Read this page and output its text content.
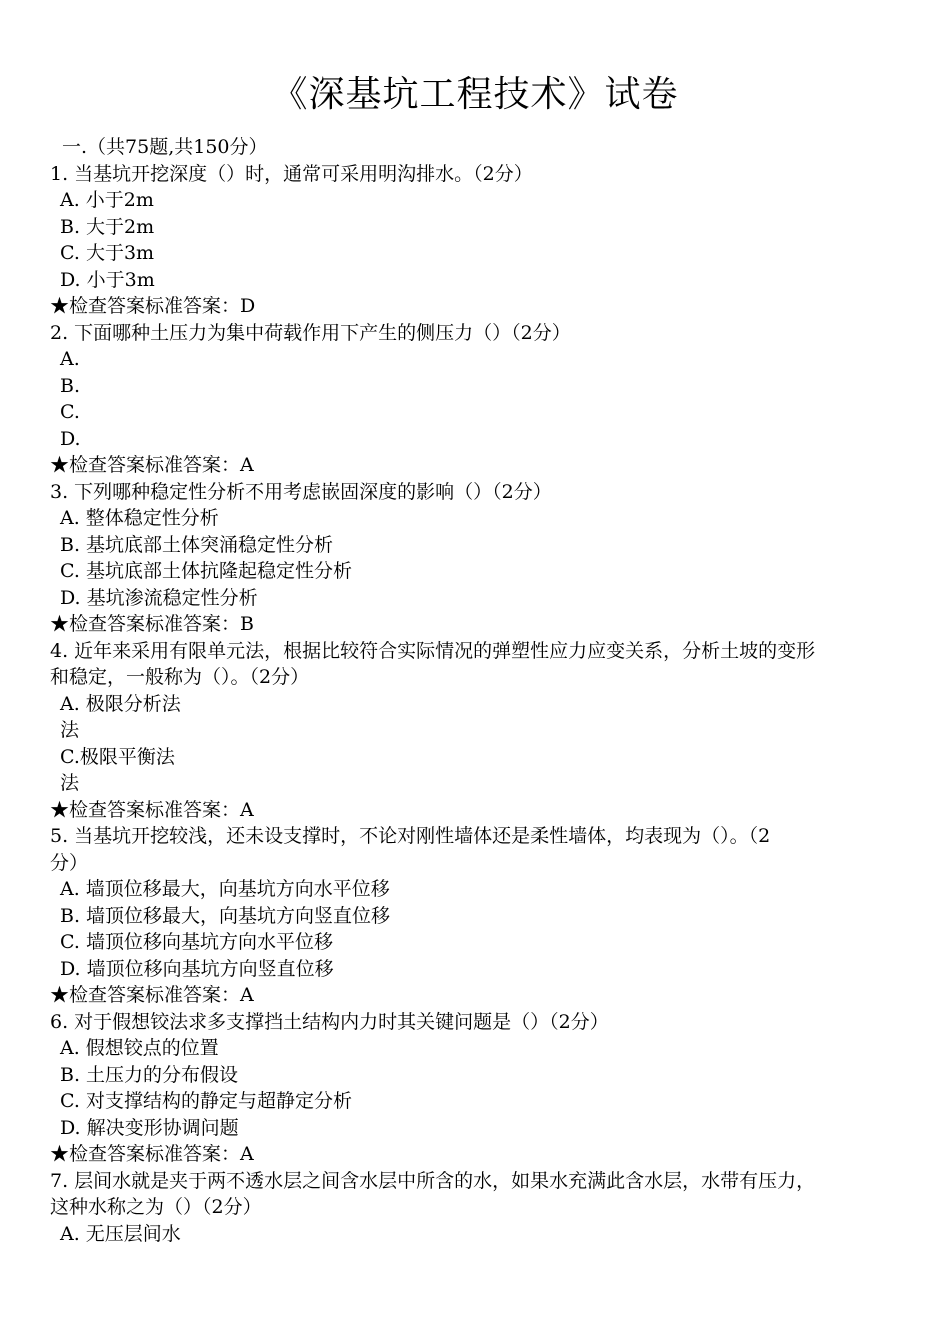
《深基坑工程技术》试卷
一.（共75题,共150分）
1. 当基坑开挖深度（）时，通常可采用明沟排水。（2分）
A. 小于2m
B. 大于2m
C. 大于3m
D. 小于3m
★检查答案标准答案：D
2. 下面哪种土压力为集中荷载作用下产生的侧压力（）（2分）
A.
B.
C.
D.
★检查答案标准答案：A
3. 下列哪种稳定性分析不用考虑嵌固深度的影响（）（2分）
A. 整体稳定性分析
B. 基坑底部土体突涌稳定性分析
C. 基坑底部土体抗隆起稳定性分析
D. 基坑渗流稳定性分析
★检查答案标准答案：B
4. 近年来采用有限单元法，根据比较符合实际情况的弹塑性应力应变关系，分析土坡的变形
和稳定，一般称为（）。（2分）
A. 极限分析法
法
C.极限平衡法
法
★检查答案标准答案：A
5. 当基坑开挖较浅，还未设支撑时，不论对刚性墙体还是柔性墙体，均表现为（）。（2
分）
A. 墙顶位移最大，向基坑方向水平位移
B. 墙顶位移最大，向基坑方向竖直位移
C. 墙顶位移向基坑方向水平位移
D. 墙顶位移向基坑方向竖直位移
★检查答案标准答案：A
6. 对于假想铰法求多支撑挡土结构内力时其关键问题是（）（2分）
A. 假想铰点的位置
B. 土压力的分布假设
C. 对支撑结构的静定与超静定分析
D. 解决变形协调问题
★检查答案标准答案：A
7. 层间水就是夹于两不透水层之间含水层中所含的水，如果水充满此含水层，水带有压力，
这种水称之为（）（2分）
A. 无压层间水
